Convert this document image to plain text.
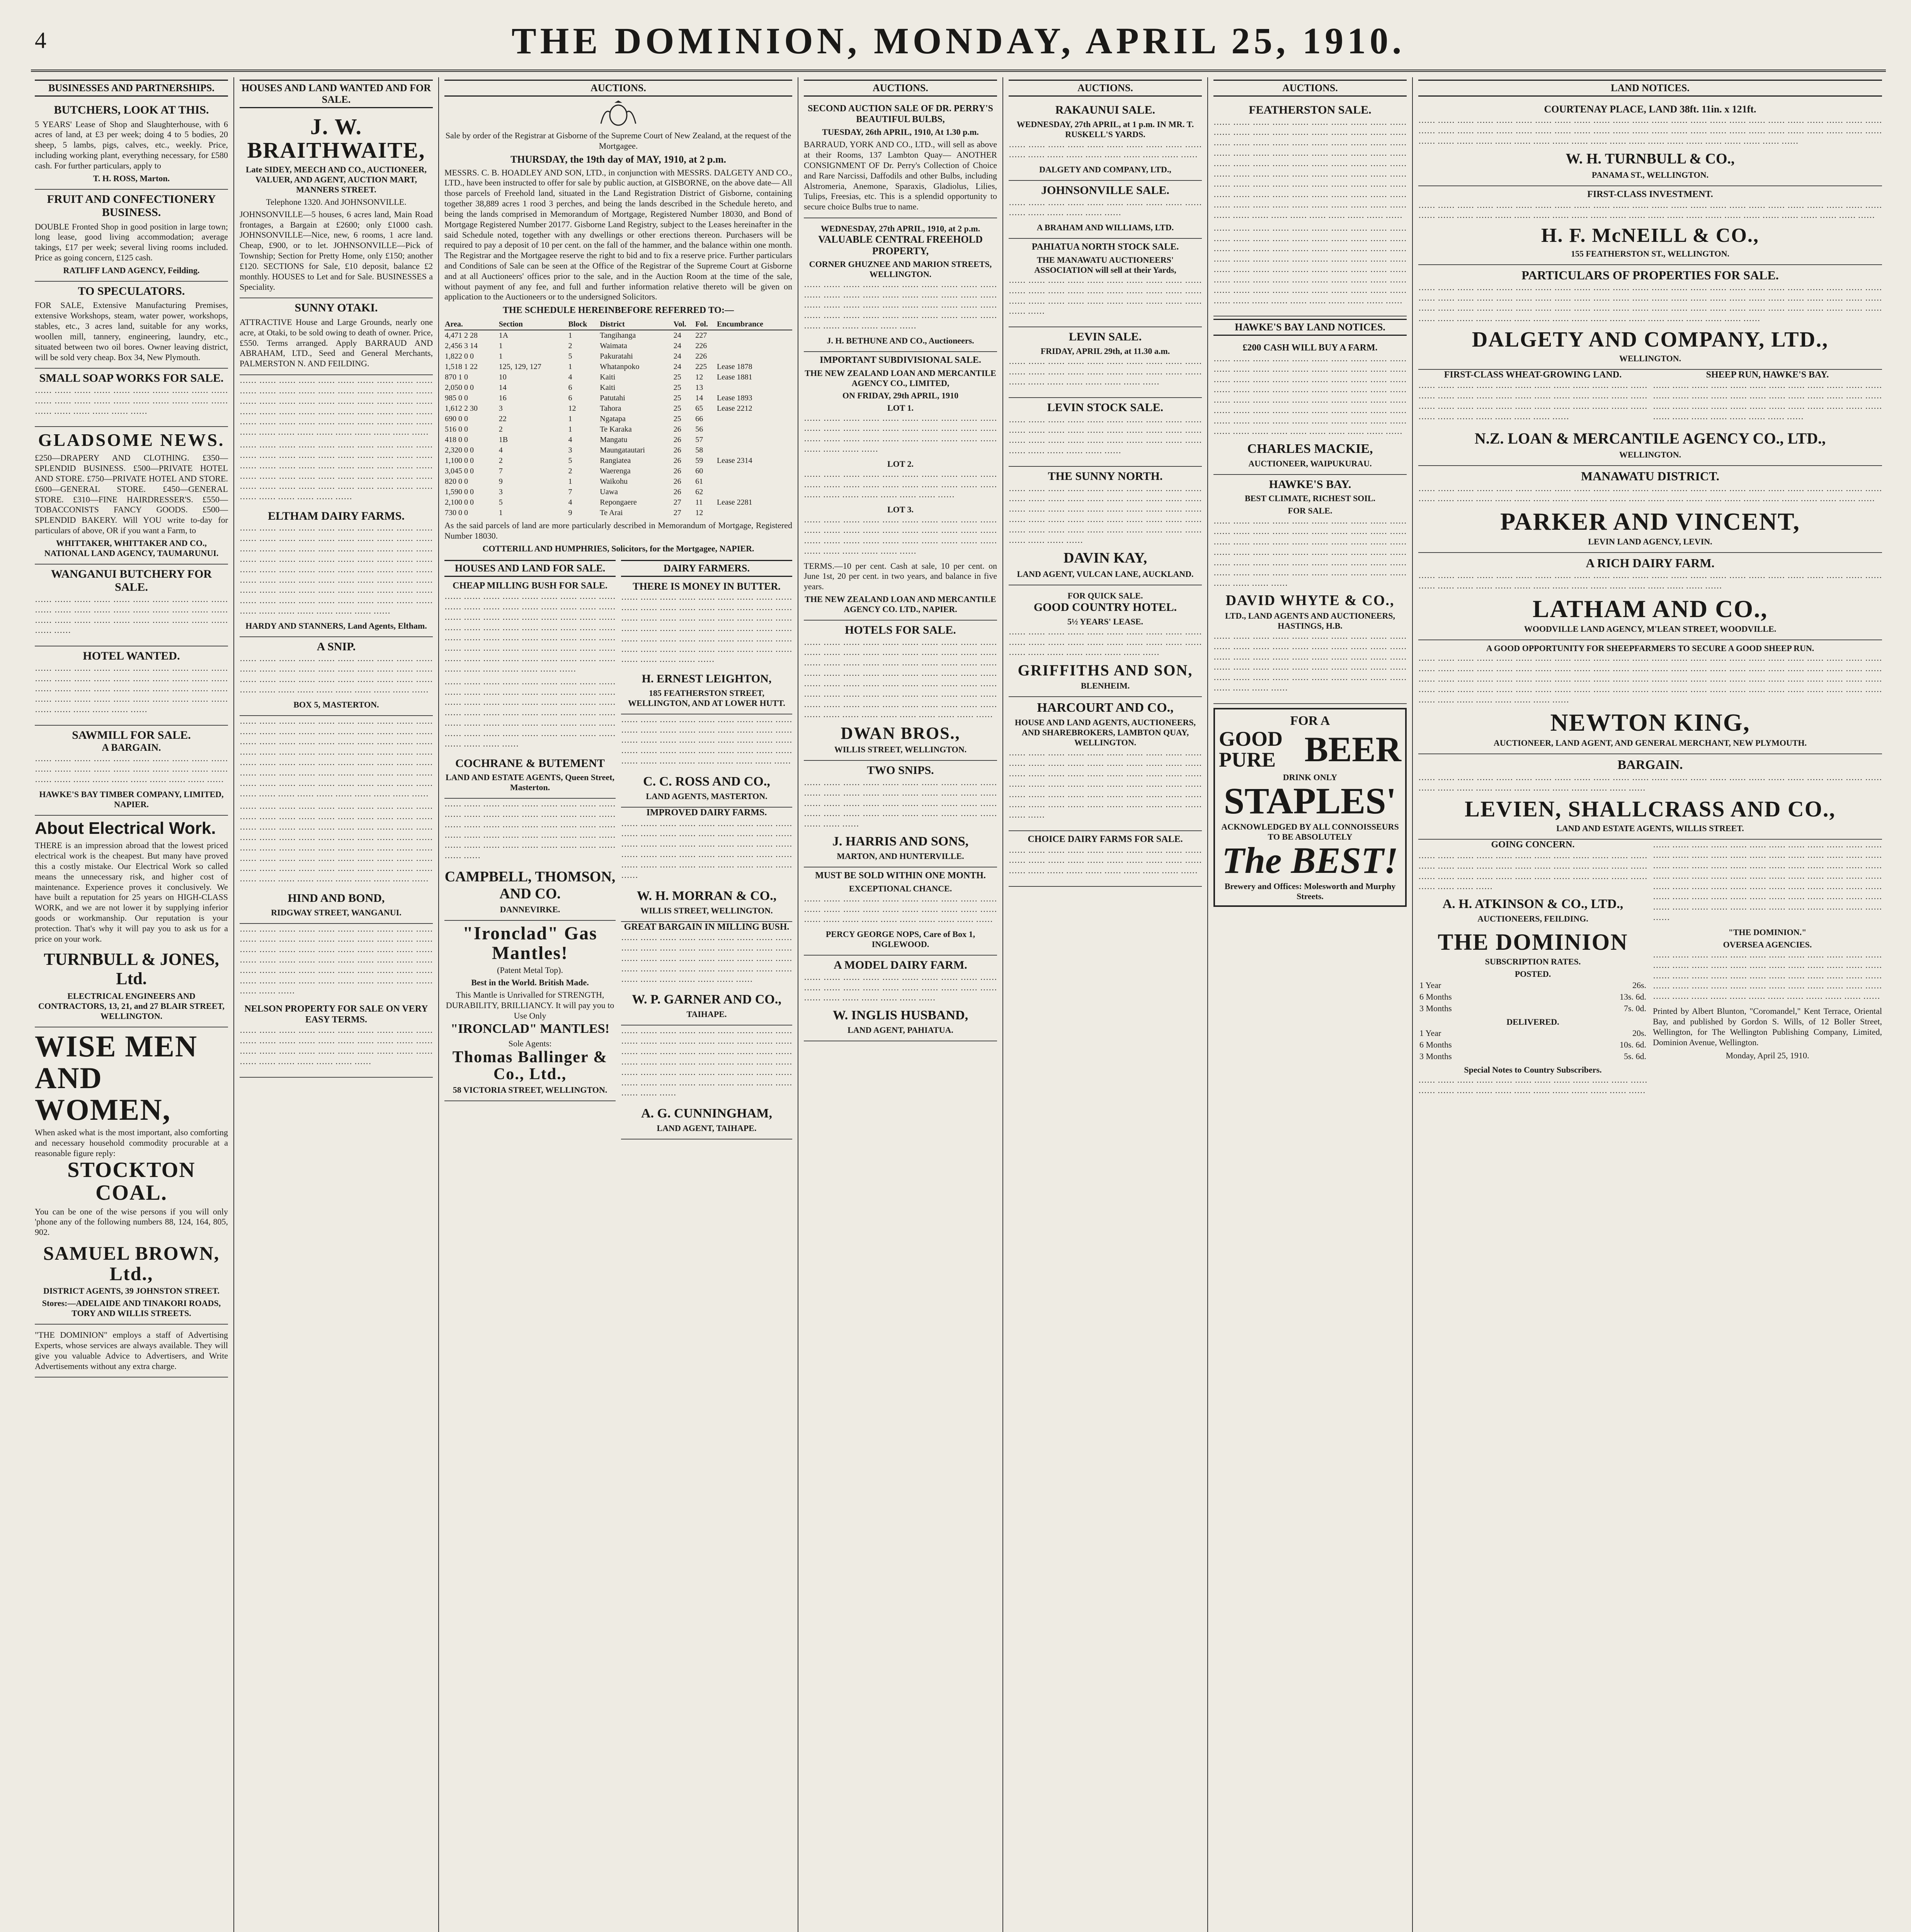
4	THE DOMINION, MONDAY, APRIL 25, 1910.
BUSINESSES AND PARTNERSHIPS.
BUTCHERS, LOOK AT THIS.
5 YEARS' Lease of Shop and Slaughterhouse, with 6 acres of land, at £3 per week; doing 4 to 5 bodies, 20 sheep, 5 lambs, pigs, calves, etc., weekly. Price, including working plant, everything necessary, for £580 cash. For further particulars, apply to
T. H. ROSS, Marton.
FRUIT AND CONFECTIONERY BUSINESS.
DOUBLE Fronted Shop in good position in large town; long lease, good living accommodation; average takings, £17 per week; several living rooms included. Price as going concern, £125 cash.
RATLIFF LAND AGENCY, Feilding.
TO SPECULATORS.
FOR SALE, Extensive Manufacturing Premises, extensive Workshops, steam, water power, workshops, stables, etc., 3 acres land, suitable for any works, woollen mill, tannery, engineering, laundry, etc., situated between two oil bores. Owner leaving district, will be sold very cheap. Box 34, New Plymouth.
SMALL SOAP WORKS FOR SALE.

······ ······ ······ ······ ······ ······ ······ ······ ······ ······ ······ ······ ······ ······ ······ ······ ······ ······ ······ ······ ······ ······ ······ ······ ······ ······

GLADSOME NEWS.
£250—DRAPERY AND CLOTHING. £350—SPLENDID BUSINESS. £500—PRIVATE HOTEL AND STORE. £750—PRIVATE HOTEL AND STORE. £600—GENERAL STORE. £450—GENERAL STORE. £310—FINE HAIRDRESSER'S. £550—TOBACCONISTS FANCY GOODS. £500—SPLENDID BAKERY. Will YOU write to-day for particulars of above, OR if you want a Farm, to
WHITTAKER, WHITTAKER AND CO., NATIONAL LAND AGENCY, TAUMARUNUI.
WANGANUI BUTCHERY FOR SALE.

······ ······ ······ ······ ······ ······ ······ ······ ······ ······ ······ ······ ······ ······ ······ ······ ······ ······ ······ ······ ······ ······ ······ ······ ······ ······ ······ ······ ······ ······ ······ ······

HOTEL WANTED.

······ ······ ······ ······ ······ ······ ······ ······ ······ ······ ······ ······ ······ ······ ······ ······ ······ ······ ······ ······ ······ ······ ······ ······ ······ ······ ······ ······ ······ ······ ······ ······ ······ ······ ······ ······ ······ ······ ······ ······ ······ ······ ······ ······ ······ ······

SAWMILL FOR SALE.
A BARGAIN.

······ ······ ······ ······ ······ ······ ······ ······ ······ ······ ······ ······ ······ ······ ······ ······ ······ ······ ······ ······ ······ ······ ······ ······ ······ ······ ······ ······ ······ ······

HAWKE'S BAY TIMBER COMPANY, LIMITED, NAPIER.
About Electrical Work.
THERE is an impression abroad that the lowest priced electrical work is the cheapest. But many have proved this a costly mistake. Our Electrical Work so called means the unnecessary risk, and higher cost of maintenance. Experience proves it conclusively. We have built a reputation for 25 years on HIGH-CLASS WORK, and we are not lower it by supplying inferior goods or workmanship. Our reputation is your protection. That's why it will pay you to ask us for a price on your work.
TURNBULL & JONES, Ltd.
ELECTRICAL ENGINEERS AND CONTRACTORS, 13, 21, and 27 BLAIR STREET, WELLINGTON.
WISE MEN AND WOMEN,
When asked what is the most important, also comforting and necessary household commodity procurable at a reasonable figure reply:
STOCKTON COAL.
You can be one of the wise persons if you will only 'phone any of the following numbers 88, 124, 164, 805, 902.
SAMUEL BROWN, Ltd.,
DISTRICT AGENTS, 39 JOHNSTON STREET.
Stores:—ADELAIDE AND TINAKORI ROADS, TORY AND WILLIS STREETS.
"THE DOMINION" employs a staff of Advertising Experts, whose services are always available. They will give you valuable Advice to Advertisers, and Write Advertisements without any extra charge.
HOUSES AND LAND WANTED AND FOR SALE.
J. W. BRAITHWAITE,
Late SIDEY, MEECH AND CO., AUCTIONEER, VALUER, AND AGENT, AUCTION MART, MANNERS STREET.
Telephone 1320. And JOHNSONVILLE.
JOHNSONVILLE—5 houses, 6 acres land, Main Road frontages, a Bargain at £2600; only £1000 cash. JOHNSONVILLE—Nice, new, 6 rooms, 1 acre land. Cheap, £900, or to let. JOHNSONVILLE—Pick of Township; Section for Pretty Home, only £150; another £120. SECTIONS for Sale, £10 deposit, balance £2 monthly. HOUSES to Let and for Sale. BUSINESSES a Speciality.
SUNNY OTAKI.
ATTRACTIVE House and Large Grounds, nearly one acre, at Otaki, to be sold owing to death of owner. Price, £550. Terms arranged. Apply BARRAUD AND ABRAHAM, LTD., Seed and General Merchants, PALMERSTON N. AND FEILDING.

······ ······ ······ ······ ······ ······ ······ ······ ······ ······ ······ ······ ······ ······ ······ ······ ······ ······ ······ ······ ······ ······ ······ ······ ······ ······ ······ ······ ······ ······ ······ ······ ······ ······ ······ ······ ······ ······ ······ ······ ······ ······ ······ ······ ······ ······ ······ ······ ······ ······ ······ ······ ······ ······ ······ ······ ······ ······ ······ ······

······ ······ ······ ······ ······ ······ ······ ······ ······ ······ ······ ······ ······ ······ ······ ······ ······ ······ ······ ······ ······ ······ ······ ······ ······ ······ ······ ······ ······ ······ ······ ······ ······ ······ ······ ······ ······ ······ ······ ······ ······ ······ ······ ······ ······ ······ ······ ······ ······ ······ ······ ······ ······ ······ ······ ······

ELTHAM DAIRY FARMS.

······ ······ ······ ······ ······ ······ ······ ······ ······ ······ ······ ······ ······ ······ ······ ······ ······ ······ ······ ······ ······ ······ ······ ······ ······ ······ ······ ······ ······ ······ ······ ······ ······ ······ ······ ······ ······ ······ ······ ······ ······ ······ ······ ······ ······ ······ ······ ······ ······ ······ ······ ······ ······ ······ ······ ······ ······ ······ ······ ······ ······ ······ ······ ······ ······ ······ ······ ······ ······ ······ ······ ······ ······ ······ ······ ······ ······ ······ ······ ······ ······ ······ ······ ······ ······ ······ ······ ······

HARDY AND STANNERS, Land Agents, Eltham.
A SNIP.

······ ······ ······ ······ ······ ······ ······ ······ ······ ······ ······ ······ ······ ······ ······ ······ ······ ······ ······ ······ ······ ······ ······ ······ ······ ······ ······ ······ ······ ······ ······ ······ ······ ······ ······ ······ ······ ······ ······ ······

BOX 5, MASTERTON.

······ ······ ······ ······ ······ ······ ······ ······ ······ ······ ······ ······ ······ ······ ······ ······ ······ ······ ······ ······ ······ ······ ······ ······ ······ ······ ······ ······ ······ ······ ······ ······ ······ ······ ······ ······ ······ ······ ······ ······ ······ ······ ······ ······ ······ ······ ······ ······ ······ ······ ······ ······ ······ ······ ······ ······ ······ ······ ······ ······ ······ ······ ······ ······ ······ ······ ······ ······ ······ ······ ······ ······ ······ ······ ······ ······ ······ ······ ······ ······

······ ······ ······ ······ ······ ······ ······ ······ ······ ······ ······ ······ ······ ······ ······ ······ ······ ······ ······ ······ ······ ······ ······ ······ ······ ······ ······ ······ ······ ······ ······ ······ ······ ······ ······ ······ ······ ······ ······ ······ ······ ······ ······ ······ ······ ······ ······ ······ ······ ······ ······ ······ ······ ······ ······ ······ ······ ······ ······ ······ ······ ······ ······ ······ ······ ······ ······ ······ ······ ······ ······ ······ ······ ······ ······ ······ ······ ······ ······ ······

HIND AND BOND,
RIDGWAY STREET, WANGANUI.

······ ······ ······ ······ ······ ······ ······ ······ ······ ······ ······ ······ ······ ······ ······ ······ ······ ······ ······ ······ ······ ······ ······ ······ ······ ······ ······ ······ ······ ······ ······ ······ ······ ······ ······ ······ ······ ······ ······ ······ ······ ······ ······ ······ ······ ······ ······ ······ ······ ······ ······ ······ ······ ······ ······ ······ ······ ······ ······ ······ ······ ······ ······

NELSON PROPERTY FOR SALE ON VERY EASY TERMS.

······ ······ ······ ······ ······ ······ ······ ······ ······ ······ ······ ······ ······ ······ ······ ······ ······ ······ ······ ······ ······ ······ ······ ······ ······ ······ ······ ······ ······ ······ ······ ······ ······ ······ ······ ······ ······

AUCTIONS.
Sale by order of the Registrar at Gisborne of the Supreme Court of New Zealand, at the request of the Mortgagee.
THURSDAY, the 19th day of MAY, 1910, at 2 p.m.
MESSRS. C. B. HOADLEY AND SON, LTD., in conjunction with MESSRS. DALGETY AND CO., LTD., have been instructed to offer for sale by public auction, at GISBORNE, on the above date— All those parcels of Freehold land, situated in the Land Registration District of Gisborne, containing together 38,889 acres 1 rood 3 perches, and being the lands described in the Schedule hereto, and being the lands comprised in Memorandum of Mortgage, Registered Number 18030, and Bond of Mortgage Registered Number 20177. Gisborne Land Registry, subject to the Leases hereinafter in the said Schedule noted, together with any dwellings or other erections thereon. Purchasers will be required to pay a deposit of 10 per cent. on the fall of the hammer, and the balance within one month. The Registrar and the Mortgagee reserve the right to bid and to fix a reserve price. Further particulars and Conditions of Sale can be seen at the Office of the Registrar of the Supreme Court at Gisborne and at all Auctioneers' offices prior to the sale, and in the Auction Room at the time of the sale, without payment of any fee, and full and further information relative thereto will be given on application to the Auctioneers or to the undersigned Solicitors.
THE SCHEDULE HEREINBEFORE REFERRED TO:—
Area.	Section	Block	District	Vol.	Fol.	Encumbrance
4,471 2 28	1A	1	Tangihanga	24	227	
2,456 3 14	1	2	Waimata	24	226	
1,822 0 0	1	5	Pakuratahi	24	226	
1,518 1 22	125, 129, 127	1	Whatanpoko	24	225	Lease 1878
870 1 0	10	4	Kaiti	25	12	Lease 1881
2,050 0 0	14	6	Kaiti	25	13	
985 0 0	16	6	Patutahi	25	14	Lease 1893
1,612 2 30	3	12	Tahora	25	65	Lease 2212
690 0 0	22	1	Ngatapa	25	66	
516 0 0	2	1	Te Karaka	26	56	
418 0 0	1B	4	Mangatu	26	57	
2,320 0 0	4	3	Maungatautari	26	58	
1,100 0 0	2	5	Rangiatea	26	59	Lease 2314
3,045 0 0	7	2	Waerenga	26	60	
820 0 0	9	1	Waikohu	26	61	
1,590 0 0	3	7	Uawa	26	62	
2,100 0 0	5	4	Repongaere	27	11	Lease 2281
730 0 0	1	9	Te Arai	27	12	
As the said parcels of land are more particularly described in Memorandum of Mortgage, Registered Number 18030.
COTTERILL AND HUMPHRIES, Solicitors, for the Mortgagee, NAPIER.
HOUSES AND LAND FOR SALE.
CHEAP MILLING BUSH FOR SALE.

······ ······ ······ ······ ······ ······ ······ ······ ······ ······ ······ ······ ······ ······ ······ ······ ······ ······ ······ ······ ······ ······ ······ ······ ······ ······ ······ ······ ······ ······ ······ ······ ······ ······ ······ ······ ······ ······ ······ ······ ······ ······ ······ ······ ······ ······ ······ ······ ······ ······ ······ ······ ······ ······ ······ ······ ······ ······ ······ ······ ······ ······ ······ ······ ······ ······ ······ ······ ······ ······

······ ······ ······ ······ ······ ······ ······ ······ ······ ······ ······ ······ ······ ······ ······ ······ ······ ······ ······ ······ ······ ······ ······ ······ ······ ······ ······ ······ ······ ······ ······ ······ ······ ······ ······ ······ ······ ······ ······ ······ ······ ······ ······ ······ ······ ······ ······ ······ ······ ······ ······ ······ ······ ······ ······ ······ ······ ······

COCHRANE & BUTEMENT
LAND AND ESTATE AGENTS, Queen Street, Masterton.

······ ······ ······ ······ ······ ······ ······ ······ ······ ······ ······ ······ ······ ······ ······ ······ ······ ······ ······ ······ ······ ······ ······ ······ ······ ······ ······ ······ ······ ······ ······ ······ ······ ······ ······ ······ ······ ······ ······ ······ ······ ······ ······ ······ ······ ······ ······

CAMPBELL, THOMSON, AND CO.
DANNEVIRKE.
"Ironclad" Gas Mantles!
(Patent Metal Top).
Best in the World. British Made.
This Mantle is Unrivalled for STRENGTH, DURABILITY, BRILLIANCY. It will pay you to Use Only
"IRONCLAD" MANTLES!
Sole Agents:
Thomas Ballinger & Co., Ltd.,
58 VICTORIA STREET, WELLINGTON.
DAIRY FARMERS.
THERE IS MONEY IN BUTTER.

······ ······ ······ ······ ······ ······ ······ ······ ······ ······ ······ ······ ······ ······ ······ ······ ······ ······ ······ ······ ······ ······ ······ ······ ······ ······ ······ ······ ······ ······ ······ ······ ······ ······ ······ ······ ······ ······ ······ ······ ······ ······ ······ ······ ······ ······ ······ ······ ······ ······ ······ ······ ······ ······ ······ ······ ······ ······ ······

H. ERNEST LEIGHTON,
185 FEATHERSTON STREET, WELLINGTON, AND AT LOWER HUTT.

······ ······ ······ ······ ······ ······ ······ ······ ······ ······ ······ ······ ······ ······ ······ ······ ······ ······ ······ ······ ······ ······ ······ ······ ······ ······ ······ ······ ······ ······ ······ ······ ······ ······ ······ ······ ······ ······ ······ ······ ······ ······ ······ ······ ······

C. C. ROSS AND CO.,
LAND AGENTS, MASTERTON.
IMPROVED DAIRY FARMS.

······ ······ ······ ······ ······ ······ ······ ······ ······ ······ ······ ······ ······ ······ ······ ······ ······ ······ ······ ······ ······ ······ ······ ······ ······ ······ ······ ······ ······ ······ ······ ······ ······ ······ ······ ······ ······ ······ ······ ······ ······ ······ ······ ······ ······ ······

W. H. MORRAN & CO.,
WILLIS STREET, WELLINGTON.
GREAT BARGAIN IN MILLING BUSH.

······ ······ ······ ······ ······ ······ ······ ······ ······ ······ ······ ······ ······ ······ ······ ······ ······ ······ ······ ······ ······ ······ ······ ······ ······ ······ ······ ······ ······ ······ ······ ······ ······ ······ ······ ······ ······ ······ ······ ······ ······ ······ ······

W. P. GARNER AND CO.,
TAIHAPE.

······ ······ ······ ······ ······ ······ ······ ······ ······ ······ ······ ······ ······ ······ ······ ······ ······ ······ ······ ······ ······ ······ ······ ······ ······ ······ ······ ······ ······ ······ ······ ······ ······ ······ ······ ······ ······ ······ ······ ······ ······ ······ ······ ······ ······ ······ ······ ······ ······ ······ ······ ······ ······ ······ ······ ······ ······

A. G. CUNNINGHAM,
LAND AGENT, TAIHAPE.
AUCTIONS.
SECOND AUCTION SALE OF DR. PERRY'S BEAUTIFUL BULBS,
TUESDAY, 26th APRIL, 1910, At 1.30 p.m.
BARRAUD, YORK AND CO., LTD., will sell as above at their Rooms, 137 Lambton Quay— ANOTHER CONSIGNMENT OF Dr. Perry's Collection of Choice and Rare Narcissi, Daffodils and other Bulbs, including Alstromeria, Anemone, Sparaxis, Gladiolus, Lilies, Tulips, Freesias, etc. This is a splendid opportunity to secure choice Bulbs true to name.
WEDNESDAY, 27th APRIL, 1910, at 2 p.m.
VALUABLE CENTRAL FREEHOLD PROPERTY,
CORNER GHUZNEE AND MARION STREETS, WELLINGTON.

······ ······ ······ ······ ······ ······ ······ ······ ······ ······ ······ ······ ······ ······ ······ ······ ······ ······ ······ ······ ······ ······ ······ ······ ······ ······ ······ ······ ······ ······ ······ ······ ······ ······ ······ ······ ······ ······ ······ ······ ······ ······ ······ ······ ······ ······

J. H. BETHUNE AND CO., Auctioneers.
IMPORTANT SUBDIVISIONAL SALE.
THE NEW ZEALAND LOAN AND MERCANTILE AGENCY CO., LIMITED,
ON FRIDAY, 29th APRIL, 1910
LOT 1.

······ ······ ······ ······ ······ ······ ······ ······ ······ ······ ······ ······ ······ ······ ······ ······ ······ ······ ······ ······ ······ ······ ······ ······ ······ ······ ······ ······ ······ ······ ······ ······ ······ ······

LOT 2.

······ ······ ······ ······ ······ ······ ······ ······ ······ ······ ······ ······ ······ ······ ······ ······ ······ ······ ······ ······ ······ ······ ······ ······ ······ ······ ······ ······

LOT 3.

······ ······ ······ ······ ······ ······ ······ ······ ······ ······ ······ ······ ······ ······ ······ ······ ······ ······ ······ ······ ······ ······ ······ ······ ······ ······ ······ ······ ······ ······ ······ ······ ······ ······ ······ ······

TERMS.—10 per cent. Cash at sale, 10 per cent. on June 1st, 20 per cent. in two years, and balance in five years.
THE NEW ZEALAND LOAN AND MERCANTILE AGENCY CO. LTD., NAPIER.
HOTELS FOR SALE.

······ ······ ······ ······ ······ ······ ······ ······ ······ ······ ······ ······ ······ ······ ······ ······ ······ ······ ······ ······ ······ ······ ······ ······ ······ ······ ······ ······ ······ ······ ······ ······ ······ ······ ······ ······ ······ ······ ······ ······ ······ ······ ······ ······ ······ ······ ······ ······ ······ ······ ······ ······ ······ ······ ······ ······ ······ ······ ······ ······ ······ ······ ······ ······ ······ ······ ······ ······ ······ ······ ······ ······ ······ ······ ······ ······ ······ ······ ······ ······

DWAN BROS.,
WILLIS STREET, WELLINGTON.
TWO SNIPS.

······ ······ ······ ······ ······ ······ ······ ······ ······ ······ ······ ······ ······ ······ ······ ······ ······ ······ ······ ······ ······ ······ ······ ······ ······ ······ ······ ······ ······ ······ ······ ······ ······ ······ ······ ······ ······ ······ ······ ······ ······ ······ ······

J. HARRIS AND SONS,
MARTON, AND HUNTERVILLE.
MUST BE SOLD WITHIN ONE MONTH.
EXCEPTIONAL CHANCE.

······ ······ ······ ······ ······ ······ ······ ······ ······ ······ ······ ······ ······ ······ ······ ······ ······ ······ ······ ······ ······ ······ ······ ······ ······ ······ ······ ······ ······ ······

PERCY GEORGE NOPS, Care of Box 1, INGLEWOOD.
A MODEL DAIRY FARM.

······ ······ ······ ······ ······ ······ ······ ······ ······ ······ ······ ······ ······ ······ ······ ······ ······ ······ ······ ······ ······ ······ ······ ······ ······ ······ ······

W. INGLIS HUSBAND,
LAND AGENT, PAHIATUA.
AUCTIONS.
RAKAUNUI SALE.
WEDNESDAY, 27th APRIL, at 1 p.m. IN MR. T. RUSKELL'S YARDS.

······ ······ ······ ······ ······ ······ ······ ······ ······ ······ ······ ······ ······ ······ ······ ······ ······ ······ ······ ······

DALGETY AND COMPANY, LTD.,
JOHNSONVILLE SALE.

······ ······ ······ ······ ······ ······ ······ ······ ······ ······ ······ ······ ······ ······ ······ ······

A BRAHAM AND WILLIAMS, LTD.
PAHIATUA NORTH STOCK SALE.
THE MANAWATU AUCTIONEERS' ASSOCIATION will sell at their Yards,

······ ······ ······ ······ ······ ······ ······ ······ ······ ······ ······ ······ ······ ······ ······ ······ ······ ······ ······ ······ ······ ······ ······ ······ ······ ······ ······ ······ ······ ······ ······ ······

LEVIN SALE.
FRIDAY, APRIL 29th, at 11.30 a.m.

······ ······ ······ ······ ······ ······ ······ ······ ······ ······ ······ ······ ······ ······ ······ ······ ······ ······ ······ ······ ······ ······ ······ ······ ······ ······ ······ ······

LEVIN STOCK SALE.

······ ······ ······ ······ ······ ······ ······ ······ ······ ······ ······ ······ ······ ······ ······ ······ ······ ······ ······ ······ ······ ······ ······ ······ ······ ······ ······ ······ ······ ······ ······ ······ ······ ······ ······ ······

THE SUNNY NORTH.

······ ······ ······ ······ ······ ······ ······ ······ ······ ······ ······ ······ ······ ······ ······ ······ ······ ······ ······ ······ ······ ······ ······ ······ ······ ······ ······ ······ ······ ······ ······ ······ ······ ······ ······ ······ ······ ······ ······ ······ ······ ······ ······ ······ ······ ······ ······ ······ ······ ······ ······ ······ ······ ······

DAVIN KAY,
LAND AGENT, VULCAN LANE, AUCKLAND.
FOR QUICK SALE.
GOOD COUNTRY HOTEL.
5½ YEARS' LEASE.

······ ······ ······ ······ ······ ······ ······ ······ ······ ······ ······ ······ ······ ······ ······ ······ ······ ······ ······ ······ ······ ······ ······ ······ ······ ······ ······ ······

GRIFFITHS AND SON,
BLENHEIM.
HARCOURT AND CO.,
HOUSE AND LAND AGENTS, AUCTIONEERS, AND SHAREBROKERS, LAMBTON QUAY, WELLINGTON.

······ ······ ······ ······ ······ ······ ······ ······ ······ ······ ······ ······ ······ ······ ······ ······ ······ ······ ······ ······ ······ ······ ······ ······ ······ ······ ······ ······ ······ ······ ······ ······ ······ ······ ······ ······ ······ ······ ······ ······ ······ ······ ······ ······ ······ ······ ······ ······ ······ ······ ······ ······ ······ ······ ······ ······ ······ ······ ······ ······ ······ ······

CHOICE DAIRY FARMS FOR SALE.

······ ······ ······ ······ ······ ······ ······ ······ ······ ······ ······ ······ ······ ······ ······ ······ ······ ······ ······ ······ ······ ······ ······ ······ ······ ······ ······ ······ ······ ······

AUCTIONS.
FEATHERSTON SALE.

······ ······ ······ ······ ······ ······ ······ ······ ······ ······ ······ ······ ······ ······ ······ ······ ······ ······ ······ ······ ······ ······ ······ ······ ······ ······ ······ ······ ······ ······ ······ ······ ······ ······ ······ ······ ······ ······ ······ ······ ······ ······ ······ ······ ······ ······ ······ ······ ······ ······ ······ ······ ······ ······ ······ ······ ······ ······ ······ ······ ······ ······ ······ ······ ······ ······ ······ ······ ······ ······ ······ ······ ······ ······ ······ ······ ······ ······ ······ ······ ······ ······ ······ ······ ······ ······ ······ ······ ······ ······ ······ ······ ······ ······ ······ ······ ······ ······ ······ ······

······ ······ ······ ······ ······ ······ ······ ······ ······ ······ ······ ······ ······ ······ ······ ······ ······ ······ ······ ······ ······ ······ ······ ······ ······ ······ ······ ······ ······ ······ ······ ······ ······ ······ ······ ······ ······ ······ ······ ······ ······ ······ ······ ······ ······ ······ ······ ······ ······ ······ ······ ······ ······ ······ ······ ······ ······ ······ ······ ······ ······ ······ ······ ······ ······ ······ ······ ······ ······ ······ ······ ······ ······ ······ ······ ······ ······ ······ ······ ······

HAWKE'S BAY LAND NOTICES.
£200 CASH WILL BUY A FARM.

······ ······ ······ ······ ······ ······ ······ ······ ······ ······ ······ ······ ······ ······ ······ ······ ······ ······ ······ ······ ······ ······ ······ ······ ······ ······ ······ ······ ······ ······ ······ ······ ······ ······ ······ ······ ······ ······ ······ ······ ······ ······ ······ ······ ······ ······ ······ ······ ······ ······ ······ ······ ······ ······ ······ ······ ······ ······ ······ ······ ······ ······ ······ ······ ······ ······ ······ ······ ······ ······ ······ ······ ······ ······ ······ ······ ······ ······ ······ ······

CHARLES MACKIE,
AUCTIONEER, WAIPUKURAU.
HAWKE'S BAY.
BEST CLIMATE, RICHEST SOIL.
FOR SALE.

······ ······ ······ ······ ······ ······ ······ ······ ······ ······ ······ ······ ······ ······ ······ ······ ······ ······ ······ ······ ······ ······ ······ ······ ······ ······ ······ ······ ······ ······ ······ ······ ······ ······ ······ ······ ······ ······ ······ ······ ······ ······ ······ ······ ······ ······ ······ ······ ······ ······ ······ ······ ······ ······ ······ ······ ······ ······ ······ ······ ······ ······ ······ ······

DAVID WHYTE & CO.,
LTD., LAND AGENTS AND AUCTIONEERS, HASTINGS, H.B.

······ ······ ······ ······ ······ ······ ······ ······ ······ ······ ······ ······ ······ ······ ······ ······ ······ ······ ······ ······ ······ ······ ······ ······ ······ ······ ······ ······ ······ ······ ······ ······ ······ ······ ······ ······ ······ ······ ······ ······ ······ ······ ······ ······ ······ ······ ······ ······ ······ ······ ······ ······ ······ ······

FOR A
GOOD
PURE BEER
DRINK ONLY
STAPLES'
ACKNOWLEDGED BY ALL CONNOISSEURS TO BE ABSOLUTELY
The BEST!
Brewery and Offices: Molesworth and Murphy Streets.
LAND NOTICES.
COURTENAY PLACE, LAND 38ft. 11in. x 121ft.

······ ······ ······ ······ ······ ······ ······ ······ ······ ······ ······ ······ ······ ······ ······ ······ ······ ······ ······ ······ ······ ······ ······ ······ ······ ······ ······ ······ ······ ······ ······ ······ ······ ······ ······ ······ ······ ······ ······ ······ ······ ······ ······ ······ ······ ······ ······ ······ ······ ······ ······ ······ ······ ······ ······ ······ ······ ······ ······ ······ ······ ······ ······ ······ ······ ······ ······ ······

W. H. TURNBULL & CO.,
PANAMA ST., WELLINGTON.
FIRST-CLASS INVESTMENT.

······ ······ ······ ······ ······ ······ ······ ······ ······ ······ ······ ······ ······ ······ ······ ······ ······ ······ ······ ······ ······ ······ ······ ······ ······ ······ ······ ······ ······ ······ ······ ······ ······ ······ ······ ······ ······ ······ ······ ······ ······ ······ ······ ······ ······ ······ ······ ······

H. F. McNEILL & CO.,
155 FEATHERSTON ST., WELLINGTON.
PARTICULARS OF PROPERTIES FOR SALE.

······ ······ ······ ······ ······ ······ ······ ······ ······ ······ ······ ······ ······ ······ ······ ······ ······ ······ ······ ······ ······ ······ ······ ······ ······ ······ ······ ······ ······ ······ ······ ······ ······ ······ ······ ······ ······ ······ ······ ······ ······ ······ ······ ······ ······ ······ ······ ······ ······ ······ ······ ······ ······ ······ ······ ······ ······ ······ ······ ······ ······ ······ ······ ······ ······ ······ ······ ······ ······ ······ ······ ······ ······ ······ ······ ······ ······ ······ ······ ······ ······ ······ ······ ······ ······ ······ ······ ······ ······ ······

DALGETY AND COMPANY, LTD.,
WELLINGTON.
FIRST-CLASS WHEAT-GROWING LAND.

······ ······ ······ ······ ······ ······ ······ ······ ······ ······ ······ ······ ······ ······ ······ ······ ······ ······ ······ ······ ······ ······ ······ ······ ······ ······ ······ ······ ······ ······ ······ ······ ······ ······ ······ ······ ······ ······ ······ ······ ······ ······ ······ ······

SHEEP RUN, HAWKE'S BAY.

······ ······ ······ ······ ······ ······ ······ ······ ······ ······ ······ ······ ······ ······ ······ ······ ······ ······ ······ ······ ······ ······ ······ ······ ······ ······ ······ ······ ······ ······ ······ ······ ······ ······ ······ ······ ······ ······ ······ ······ ······ ······ ······ ······

N.Z. LOAN & MERCANTILE AGENCY CO., LTD.,
WELLINGTON.
MANAWATU DISTRICT.

······ ······ ······ ······ ······ ······ ······ ······ ······ ······ ······ ······ ······ ······ ······ ······ ······ ······ ······ ······ ······ ······ ······ ······ ······ ······ ······ ······ ······ ······ ······ ······ ······ ······ ······ ······ ······ ······ ······ ······ ······ ······ ······ ······ ······ ······ ······ ······

PARKER AND VINCENT,
LEVIN LAND AGENCY, LEVIN.
A RICH DAIRY FARM.

······ ······ ······ ······ ······ ······ ······ ······ ······ ······ ······ ······ ······ ······ ······ ······ ······ ······ ······ ······ ······ ······ ······ ······ ······ ······ ······ ······ ······ ······ ······ ······ ······ ······ ······ ······ ······ ······ ······ ······

LATHAM AND CO.,
WOODVILLE LAND AGENCY, M'LEAN STREET, WOODVILLE.
A GOOD OPPORTUNITY FOR SHEEPFARMERS TO SECURE A GOOD SHEEP RUN.

······ ······ ······ ······ ······ ······ ······ ······ ······ ······ ······ ······ ······ ······ ······ ······ ······ ······ ······ ······ ······ ······ ······ ······ ······ ······ ······ ······ ······ ······ ······ ······ ······ ······ ······ ······ ······ ······ ······ ······ ······ ······ ······ ······ ······ ······ ······ ······ ······ ······ ······ ······ ······ ······ ······ ······ ······ ······ ······ ······ ······ ······ ······ ······ ······ ······ ······ ······ ······ ······ ······ ······ ······ ······ ······ ······ ······ ······ ······ ······ ······ ······ ······ ······ ······ ······ ······ ······ ······ ······ ······ ······ ······ ······ ······ ······ ······ ······ ······ ······ ······ ······ ······ ······

NEWTON KING,
AUCTIONEER, LAND AGENT, AND GENERAL MERCHANT, NEW PLYMOUTH.
BARGAIN.

······ ······ ······ ······ ······ ······ ······ ······ ······ ······ ······ ······ ······ ······ ······ ······ ······ ······ ······ ······ ······ ······ ······ ······ ······ ······ ······ ······ ······ ······ ······ ······ ······ ······ ······ ······

LEVIEN, SHALLCRASS AND CO.,
LAND AND ESTATE AGENTS, WILLIS STREET.
GOING CONCERN.

······ ······ ······ ······ ······ ······ ······ ······ ······ ······ ······ ······ ······ ······ ······ ······ ······ ······ ······ ······ ······ ······ ······ ······ ······ ······ ······ ······ ······ ······ ······ ······ ······ ······ ······ ······ ······ ······ ······ ······

A. H. ATKINSON & CO., LTD.,
AUCTIONEERS, FEILDING.
THE DOMINION
SUBSCRIPTION RATES.
POSTED.
1 Year	26s.
6 Months	13s. 6d.
3 Months	7s. 0d.
DELIVERED.
1 Year	20s.
6 Months	10s. 6d.
3 Months	5s. 6d.
Special Notes to Country Subscribers.

······ ······ ······ ······ ······ ······ ······ ······ ······ ······ ······ ······ ······ ······ ······ ······ ······ ······ ······ ······ ······ ······ ······ ······

······ ······ ······ ······ ······ ······ ······ ······ ······ ······ ······ ······ ······ ······ ······ ······ ······ ······ ······ ······ ······ ······ ······ ······ ······ ······ ······ ······ ······ ······ ······ ······ ······ ······ ······ ······ ······ ······ ······ ······ ······ ······ ······ ······ ······ ······ ······ ······ ······ ······ ······ ······ ······ ······ ······ ······ ······ ······ ······ ······ ······ ······ ······ ······ ······ ······ ······ ······ ······ ······ ······ ······ ······ ······ ······ ······ ······ ······ ······ ······ ······ ······ ······ ······ ······

"THE DOMINION."
OVERSEA AGENCIES.

······ ······ ······ ······ ······ ······ ······ ······ ······ ······ ······ ······ ······ ······ ······ ······ ······ ······ ······ ······ ······ ······ ······ ······ ······ ······ ······ ······ ······ ······ ······ ······ ······ ······ ······ ······ ······ ······ ······ ······ ······ ······ ······ ······ ······ ······ ······ ······ ······ ······ ······ ······ ······ ······ ······ ······ ······ ······ ······ ······

Printed by Albert Blunton, "Coromandel," Kent Terrace, Oriental Bay, and published by Gordon S. Wills, of 12 Boller Street, Wellington, for The Wellington Publishing Company, Limited, Dominion Avenue, Wellington.
Monday, April 25, 1910.
